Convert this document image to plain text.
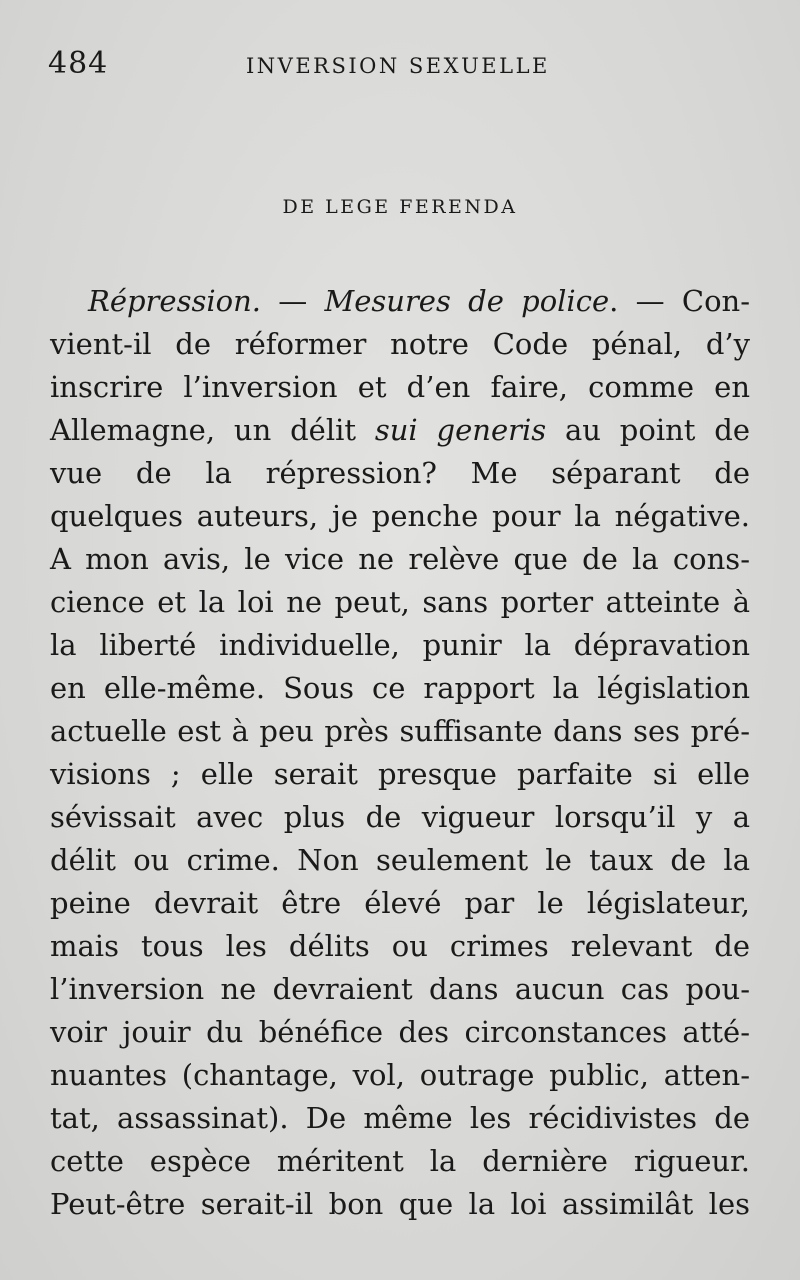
484	INVERSION SEXUELLE
DE LEGE FERENDA
Répression. — Mesures de police. — Con-
vient-il de réformer notre Code pénal, d’y
inscrire l’inversion et d’en faire, comme en
Allemagne, un délit sui generis au point de
vue de la répression? Me séparant de
quelques auteurs, je penche pour la négative.
A mon avis, le vice ne relève que de la cons-
cience et la loi ne peut, sans porter atteinte à
la liberté individuelle, punir la dépravation
en elle-même. Sous ce rapport la législation
actuelle est à peu près suffisante dans ses pré-
visions ; elle serait presque parfaite si elle
sévissait avec plus de vigueur lorsqu’il y a
délit ou crime. Non seulement le taux de la
peine devrait être élevé par le législateur,
mais tous les délits ou crimes relevant de
l’inversion ne devraient dans aucun cas pou-
voir jouir du bénéfice des circonstances atté-
nuantes (chantage, vol, outrage public, atten-
tat, assassinat). De même les récidivistes de
cette espèce méritent la dernière rigueur.
Peut-être serait-il bon que la loi assimilât les
